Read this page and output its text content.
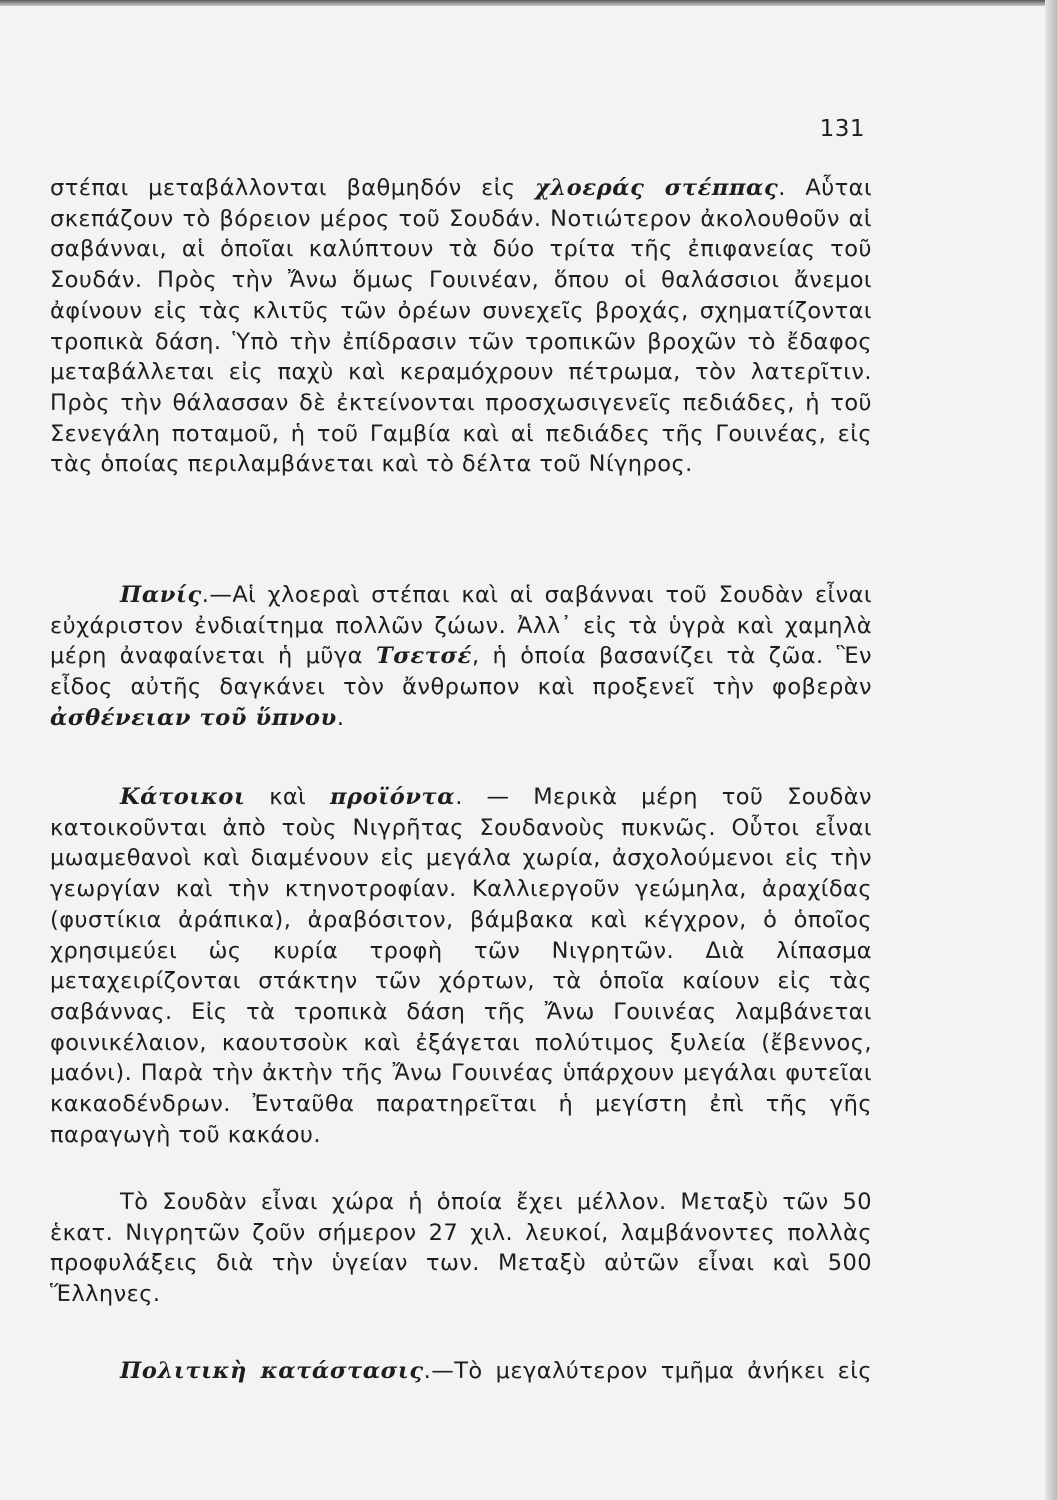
131
στέπαι μεταβάλλονται βαθμηδόν εἰς χλοεράς στέππας. Αὗται σκεπάζουν τὸ βόρειον μέρος τοῦ Σουδάν. Νοτιώτερον ἀκολουθοῦν αἱ σαβάνναι, αἱ ὁποῖαι καλύπτουν τὰ δύο τρίτα τῆς ἐπιφανείας τοῦ Σουδάν. Πρὸς τὴν Ἄνω ὅμως Γουινέαν, ὅπου οἱ θαλάσσιοι ἄνεμοι ἀφίνουν εἰς τὰς κλιτῦς τῶν ὀρέων συνεχεῖς βροχάς, σχηματίζονται τροπικὰ δάση. Ὑπὸ τὴν ἐπίδρασιν τῶν τροπικῶν βροχῶν τὸ ἔδαφος μεταβάλλεται εἰς παχὺ καὶ κεραμόχρουν πέτρωμα, τὸν λατερῖτιν. Πρὸς τὴν θάλασσαν δὲ ἐκτείνονται προσχωσιγενεῖς πεδιάδες, ἡ τοῦ Σενεγάλη ποταμοῦ, ἡ τοῦ Γαμβία καὶ αἱ πεδιάδες τῆς Γουινέας, εἰς τὰς ὁποίας περιλαμβάνεται καὶ τὸ δέλτα τοῦ Νίγηρος.
Πανίς.—Αἱ χλοεραὶ στέπαι καὶ αἱ σαβάνναι τοῦ Σουδὰν εἶναι εὐχάριστον ἐνδιαίτημα πολλῶν ζώων. Ἀλλ᾽ εἰς τὰ ὑγρὰ καὶ χαμηλὰ μέρη ἀναφαίνεται ἡ μῦγα Τσετσέ, ἡ ὁποία βασανίζει τὰ ζῶα. Ἓν εἶδος αὐτῆς δαγκάνει τὸν ἄνθρωπον καὶ προξενεῖ τὴν φοβερὰν ἀσθένειαν τοῦ ὕπνου.
Κάτοικοι καὶ προϊόντα. — Μερικὰ μέρη τοῦ Σουδὰν κατοικοῦνται ἀπὸ τοὺς Νιγρῆτας Σουδανοὺς πυκνῶς. Οὗτοι εἶναι μωαμεθανοὶ καὶ διαμένουν εἰς μεγάλα χωρία, ἀσχολούμενοι εἰς τὴν γεωργίαν καὶ τὴν κτηνοτροφίαν. Καλλιεργοῦν γεώμηλα, ἀραχίδας (φυστίκια ἀράπικα), ἀραβόσιτον, βάμβακα καὶ κέγχρον, ὁ ὁποῖος χρησιμεύει ὡς κυρία τροφὴ τῶν Νιγρητῶν. Διὰ λίπασμα μεταχειρίζονται στάκτην τῶν χόρτων, τὰ ὁποῖα καίουν εἰς τὰς σαβάννας. Εἰς τὰ τροπικὰ δάση τῆς Ἄνω Γουινέας λαμβάνεται φοινικέλαιον, καουτσοὺκ καὶ ἐξάγεται πολύτιμος ξυλεία (ἔβεννος, μαόνι). Παρὰ τὴν ἀκτὴν τῆς Ἄνω Γουινέας ὑπάρχουν μεγάλαι φυτεῖαι κακαοδένδρων. Ἐνταῦθα παρατηρεῖται ἡ μεγίστη ἐπὶ τῆς γῆς παραγωγὴ τοῦ κακάου.
Τὸ Σουδὰν εἶναι χώρα ἡ ὁποία ἔχει μέλλον. Μεταξὺ τῶν 50 ἑκατ. Νιγρητῶν ζοῦν σήμερον 27 χιλ. λευκοί, λαμβάνοντες πολλὰς προφυλάξεις διὰ τὴν ὑγείαν των. Μεταξὺ αὐτῶν εἶναι καὶ 500 Ἕλληνες.
Πολιτικὴ κατάστασις.—Τὸ μεγαλύτερον τμῆμα ἀνήκει εἰς
